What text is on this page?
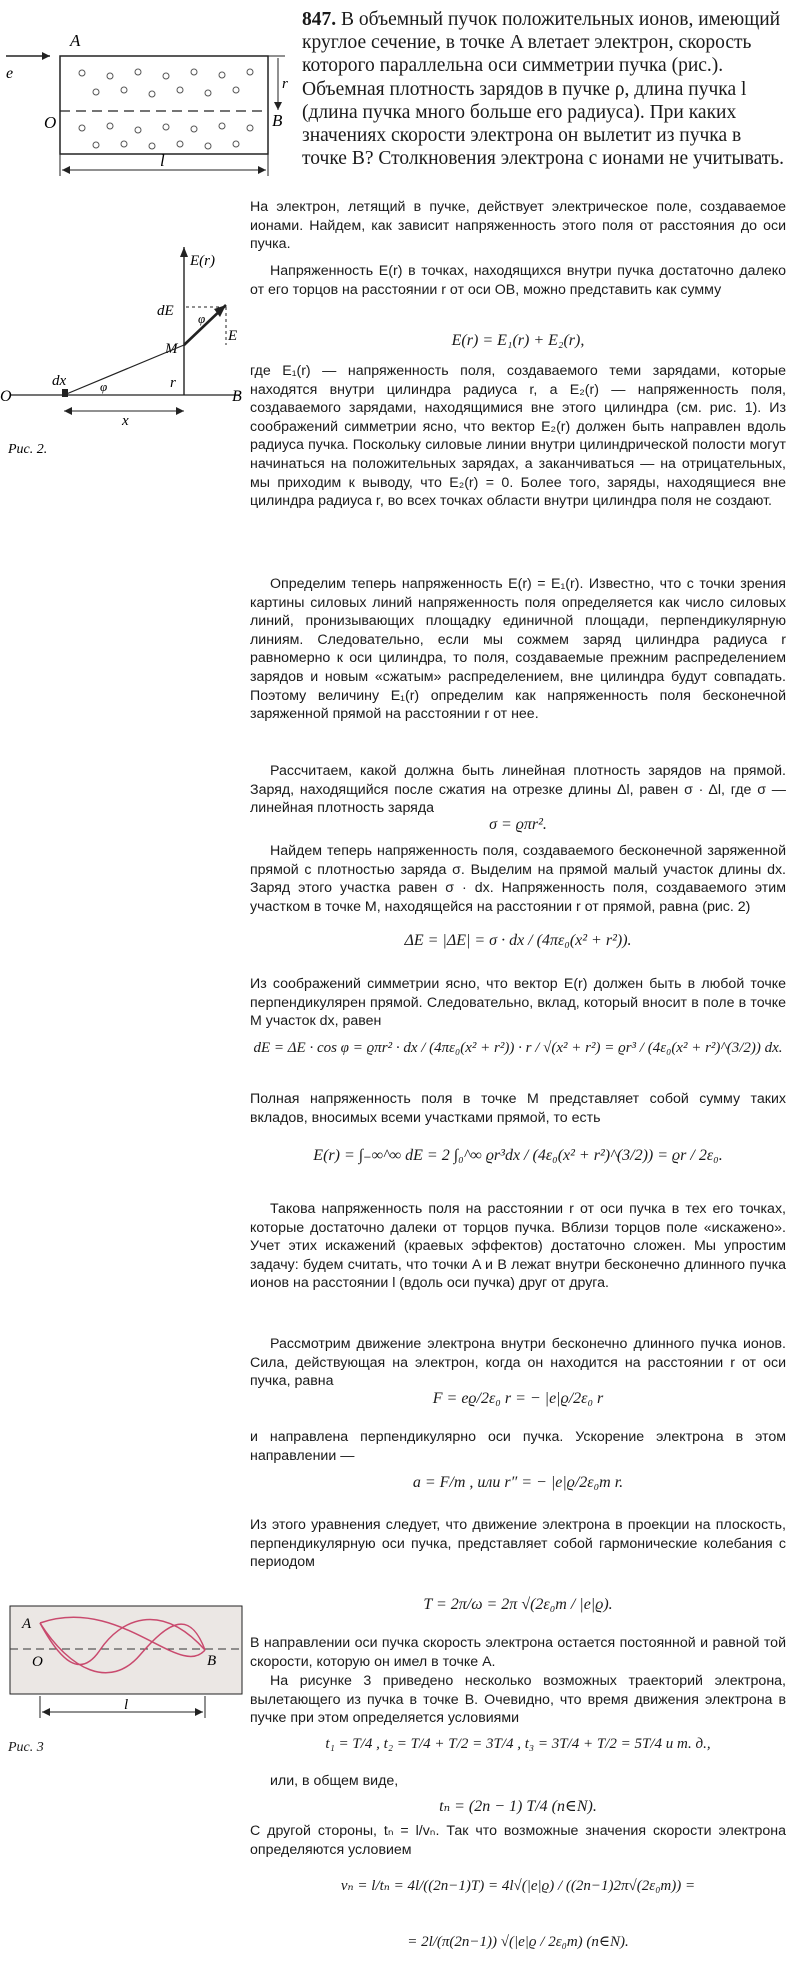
847. В объемный пучок положительных ионов, имеющий круглое сечение, в точке A влетает электрон, скорость которого параллельна оси симметрии пучка (рис.). Объемная плотность зарядов в пучке ρ, длина пучка l (длина пучка много больше его радиуса). При каких значениях скорости электрона он вылетит из пучка в точке B? Столкновения электрона с ионами не учитывать.
e
A
O	B
r
l
E(r)
φ
dE
E
M
r
O	B
dx	φ
x
Рис. 2.
A
O	B
l
Рис. 3
На электрон, летящий в пучке, действует электрическое поле, создаваемое ионами. Найдем, как зависит напряженность этого поля от расстояния до оси пучка.
Напряженность E(r) в точках, находящихся внутри пучка достаточно далеко от его торцов на расстоянии r от оси OB, можно представить как сумму
E(r) = E₁(r) + E₂(r),
где E₁(r) — напряженность поля, создаваемого теми зарядами, которые находятся внутри цилиндра радиуса r, а E₂(r) — напряженность поля, создаваемого зарядами, находящимися вне этого цилиндра (см. рис. 1). Из соображений симметрии ясно, что вектор E₂(r) должен быть направлен вдоль радиуса пучка. Поскольку силовые линии внутри цилиндрической полости могут начинаться на положительных зарядах, а заканчиваться — на отрицательных, мы приходим к выводу, что E₂(r) = 0. Более того, заряды, находящиеся вне цилиндра радиуса r, во всех точках области внутри цилиндра поля не создают.
Определим теперь напряженность E(r) = E₁(r). Известно, что с точки зрения картины силовых линий напряженность поля определяется как число силовых линий, пронизывающих площадку единичной площади, перпендикулярную линиям. Следовательно, если мы сожмем заряд цилиндра радиуса r равномерно к оси цилиндра, то поля, создаваемые прежним распределением зарядов и новым «сжатым» распределением, вне цилиндра будут совпадать. Поэтому величину E₁(r) определим как напряженность поля бесконечной заряженной прямой на расстоянии r от нее.
Рассчитаем, какой должна быть линейная плотность зарядов на прямой. Заряд, находящийся после сжатия на отрезке длины Δl, равен σ · Δl, где σ — линейная плотность заряда
σ = ϱπr².
Найдем теперь напряженность поля, создаваемого бесконечной заряженной прямой с плотностью заряда σ. Выделим на прямой малый участок длины dx. Заряд этого участка равен σ · dx. Напряженность поля, создаваемого этим участком в точке M, находящейся на расстоянии r от прямой, равна (рис. 2)
ΔE = |ΔE| = σ · dx / (4πε₀(x² + r²)).
Из соображений симметрии ясно, что вектор E(r) должен быть в любой точке перпендикулярен прямой. Следовательно, вклад, который вносит в поле в точке M участок dx, равен
dE = ΔE · cos φ = ϱπr² · dx / (4πε₀(x² + r²)) · r / √(x² + r²) = ϱr³ / (4ε₀(x² + r²)^(3/2)) dx.
Полная напряженность поля в точке M представляет собой сумму таких вкладов, вносимых всеми участками прямой, то есть
E(r) = ∫₋∞^∞ dE = 2 ∫₀^∞ ϱr³dx / (4ε₀(x² + r²)^(3/2)) = ϱr / 2ε₀.
Такова напряженность поля на расстоянии r от оси пучка в тех его точках, которые достаточно далеки от торцов пучка. Вблизи торцов поле «искажено». Учет этих искажений (краевых эффектов) достаточно сложен. Мы упростим задачу: будем считать, что точки A и B лежат внутри бесконечно длинного пучка ионов на расстоянии l (вдоль оси пучка) друг от друга.
Рассмотрим движение электрона внутри бесконечно длинного пучка ионов. Сила, действующая на электрон, когда он находится на расстоянии r от оси пучка, равна
F = eϱ/2ε₀ r = − |e|ϱ/2ε₀ r
и направлена перпендикулярно оси пучка. Ускорение электрона в этом направлении —
a = F/m , или r″ = − |e|ϱ/2ε₀m r.
Из этого уравнения следует, что движение электрона в проекции на плоскость, перпендикулярную оси пучка, представляет собой гармонические колебания с периодом
T = 2π/ω = 2π √(2ε₀m / |e|ϱ).
В направлении оси пучка скорость электрона остается постоянной и равной той скорости, которую он имел в точке A.
На рисунке 3 приведено несколько возможных траекторий электрона, вылетающего из пучка в точке B. Очевидно, что время движения электрона в пучке при этом определяется условиями
t₁ = T/4 , t₂ = T/4 + T/2 = 3T/4 , t₃ = 3T/4 + T/2 = 5T/4 и т. д.,
или, в общем виде,
tₙ = (2n − 1) T/4 (n∈N).
С другой стороны, tₙ = l/vₙ. Так что возможные значения скорости электрона определяются условием
vₙ = l/tₙ = 4l/((2n−1)T) = 4l√(|e|ϱ) / ((2n−1)2π√(2ε₀m)) =
= 2l/(π(2n−1)) √(|e|ϱ / 2ε₀m) (n∈N).
